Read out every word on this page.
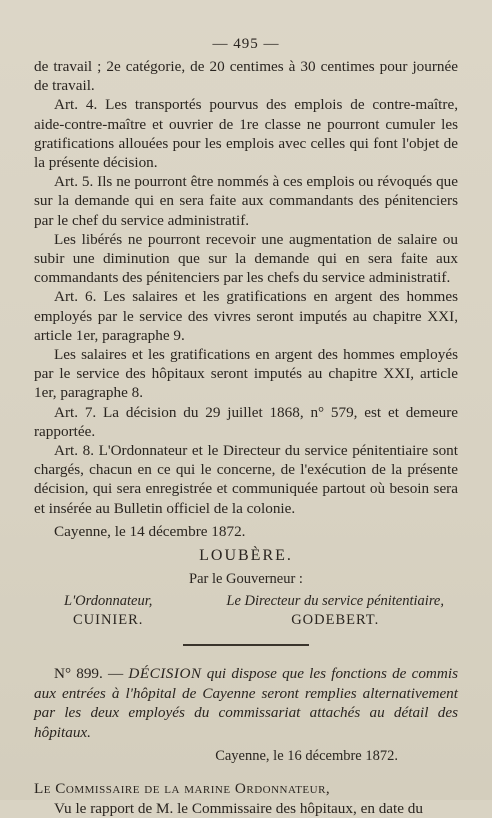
— 495 —

de travail ; 2e catégorie, de 20 centimes à 30 centimes pour journée de travail.

Art. 4. Les transportés pourvus des emplois de contre-maître, aide-contre-maître et ouvrier de 1re classe ne pourront cumuler les gratifications allouées pour les emplois avec celles qui font l'objet de la présente décision.

Art. 5. Ils ne pourront être nommés à ces emplois ou révoqués que sur la demande qui en sera faite aux commandants des pénitenciers par le chef du service administratif.

Les libérés ne pourront recevoir une augmentation de salaire ou subir une diminution que sur la demande qui en sera faite aux commandants des pénitenciers par les chefs du service administratif.

Art. 6. Les salaires et les gratifications en argent des hommes employés par le service des vivres seront imputés au chapitre XXI, article 1er, paragraphe 9.

Les salaires et les gratifications en argent des hommes employés par le service des hôpitaux seront imputés au chapitre XXI, article 1er, paragraphe 8.

Art. 7. La décision du 29 juillet 1868, n° 579, est et demeure rapportée.

Art. 8. L'Ordonnateur et le Directeur du service pénitentiaire sont chargés, chacun en ce qui le concerne, de l'exécution de la présente décision, qui sera enregistrée et communiquée partout où besoin sera et insérée au Bulletin officiel de la colonie.

Cayenne, le 14 décembre 1872.

LOUBÈRE.
Par le Gouverneur :
L'Ordonnateur,
CUINIER.
Le Directeur du service pénitentiaire,
GODEBERT.

N° 899. — DÉCISION qui dispose que les fonctions de commis aux entrées à l'hôpital de Cayenne seront remplies alternativement par les deux employés du commissariat attachés au détail des hôpitaux.

Cayenne, le 16 décembre 1872.

Le Commissaire de la marine Ordonnateur,

Vu le rapport de M. le Commissaire des hôpitaux, en date du
